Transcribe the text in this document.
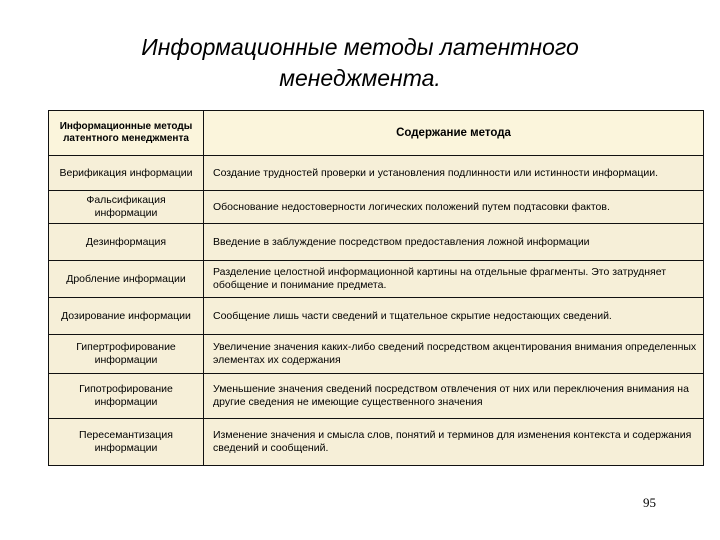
Информационные методы латентного
менеджмента.
Информационные методы латентного менеджмента	Содержание метода
Верификация информации	Создание трудностей проверки и установления подлинности или истинности информации.
Фальсификация информации	Обоснование недостоверности логических положений путем подтасовки фактов.
Дезинформация	Введение в заблуждение посредством предоставления ложной информации
Дробление информации	Разделение целостной информационной картины на отдельные фрагменты. Это затрудняет обобщение и понимание предмета.
Дозирование информации	Сообщение лишь части сведений и тщательное скрытие недостающих сведений.
Гипертрофирование информации	Увеличение значения каких-либо сведений посредством акцентирования внимания определенных элементах их содержания
Гипотрофирование информации	Уменьшение значения сведений посредством отвлечения от них или переключения внимания на другие сведения не имеющие существенного значения
Пересемантизация информации	Изменение значения и смысла слов, понятий и терминов для изменения контекста и содержания сведений и сообщений.
95
